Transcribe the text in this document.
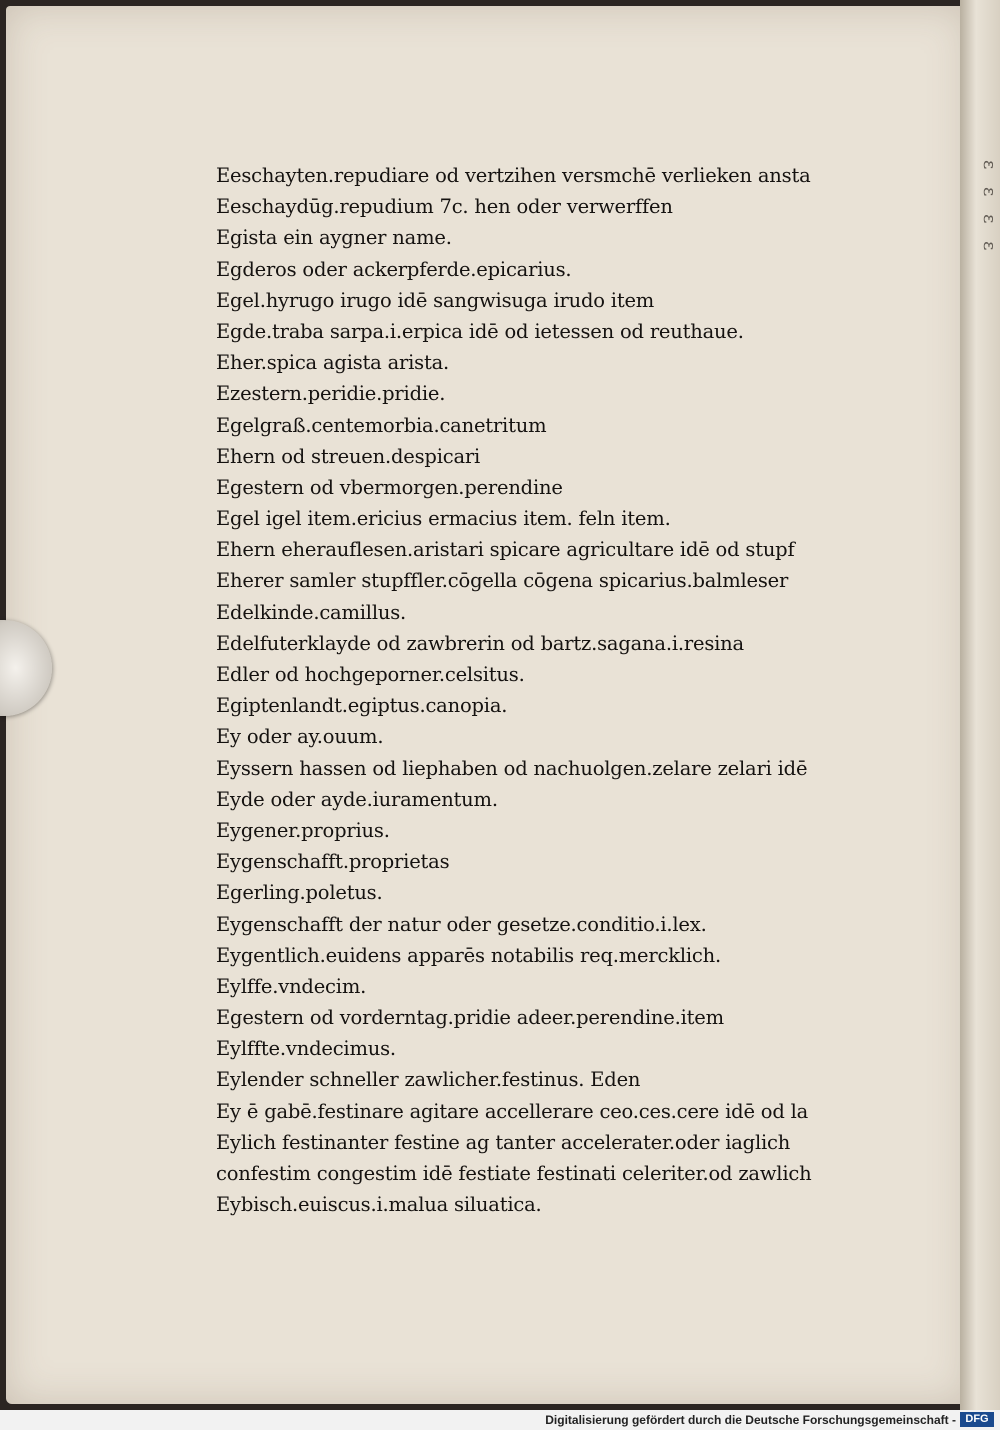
ε ε ε ε

Eeschayten.repudiare od vertzihen versmchē verlieken ansta
Eeschaydūg.repudium 7c. hen oder verwerffen
Egista ein aygner name.
Egderos oder ackerpferde.epicarius.
Egel.hyrugo irugo idē sangwisuga irudo item
Egde.traba sarpa.i.erpica idē od ietessen od reuthaue.
Eher.spica agista arista.
Ezestern.peridie.pridie.
Egelgraß.centemorbia.canetritum
Ehern od streuen.despicari
Egestern od vbermorgen.perendine
Egel igel item.ericius ermacius item. feln item.
Ehern eherauflesen.aristari spicare agricultare idē od stupf
Eherer samler stupffler.cōgella cōgena spicarius.balmleser
Edelkinde.camillus.
Edelfuterklayde od zawbrerin od bartz.sagana.i.resina
Edler od hochgeporner.celsitus.
Egiptenlandt.egiptus.canopia.
Ey oder ay.ouum.
Eyssern hassen od liephaben od nachuolgen.zelare zelari idē
Eyde oder ayde.iuramentum.
Eygener.proprius.
Eygenschafft.proprietas
Egerling.poletus.
Eygenschafft der natur oder gesetze.conditio.i.lex.
Eygentlich.euidens apparēs notabilis req.mercklich.
Eylffe.vndecim.
Egestern od vorderntag.pridie adeer.perendine.item
Eylffte.vndecimus.
Eylender schneller zawlicher.festinus. Eden
Ey ē gabē.festinare agitare accellerare ceo.ces.cere idē od la
Eylich festinanter festine ag tanter accelerater.oder iaglich
confestim congestim idē festiate festinati celeriter.od zawlich
Eybisch.euiscus.i.malua siluatica.
Digitalisierung gefördert durch die Deutsche Forschungsgemeinschaft - DFG
